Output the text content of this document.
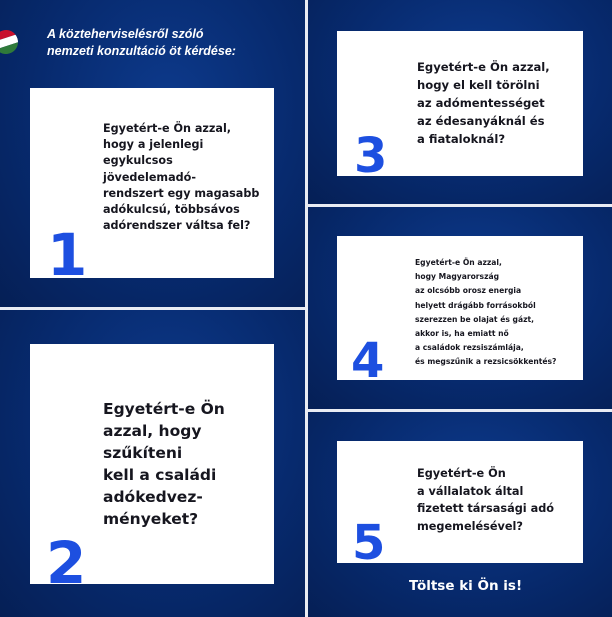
A közteherviselésről szóló
nemzeti konzultáció öt kérdése:
1
Egyetért-e Ön azzal,
hogy a jelenlegi
egykulcsos
jövedelemadó-
rendszert egy magasabb
adókulcsú, többsávos
adórendszer váltsa fel?
2
Egyetért-e Ön
azzal, hogy
szűkíteni
kell a családi
adókedvez-
ményeket?
3
Egyetért-e Ön azzal,
hogy el kell törölni
az adómentességet
az édesanyáknál és
a fiataloknál?
4
Egyetért-e Ön azzal,
hogy Magyarország
az olcsóbb orosz energia
helyett drágább forrásokból
szerezzen be olajat és gázt,
akkor is, ha emiatt nő
a családok rezsiszámlája,
és megszűnik a rezsicsökkentés?
5
Egyetért-e Ön
a vállalatok által
fizetett társasági adó
megemelésével?
Töltse ki Ön is!
